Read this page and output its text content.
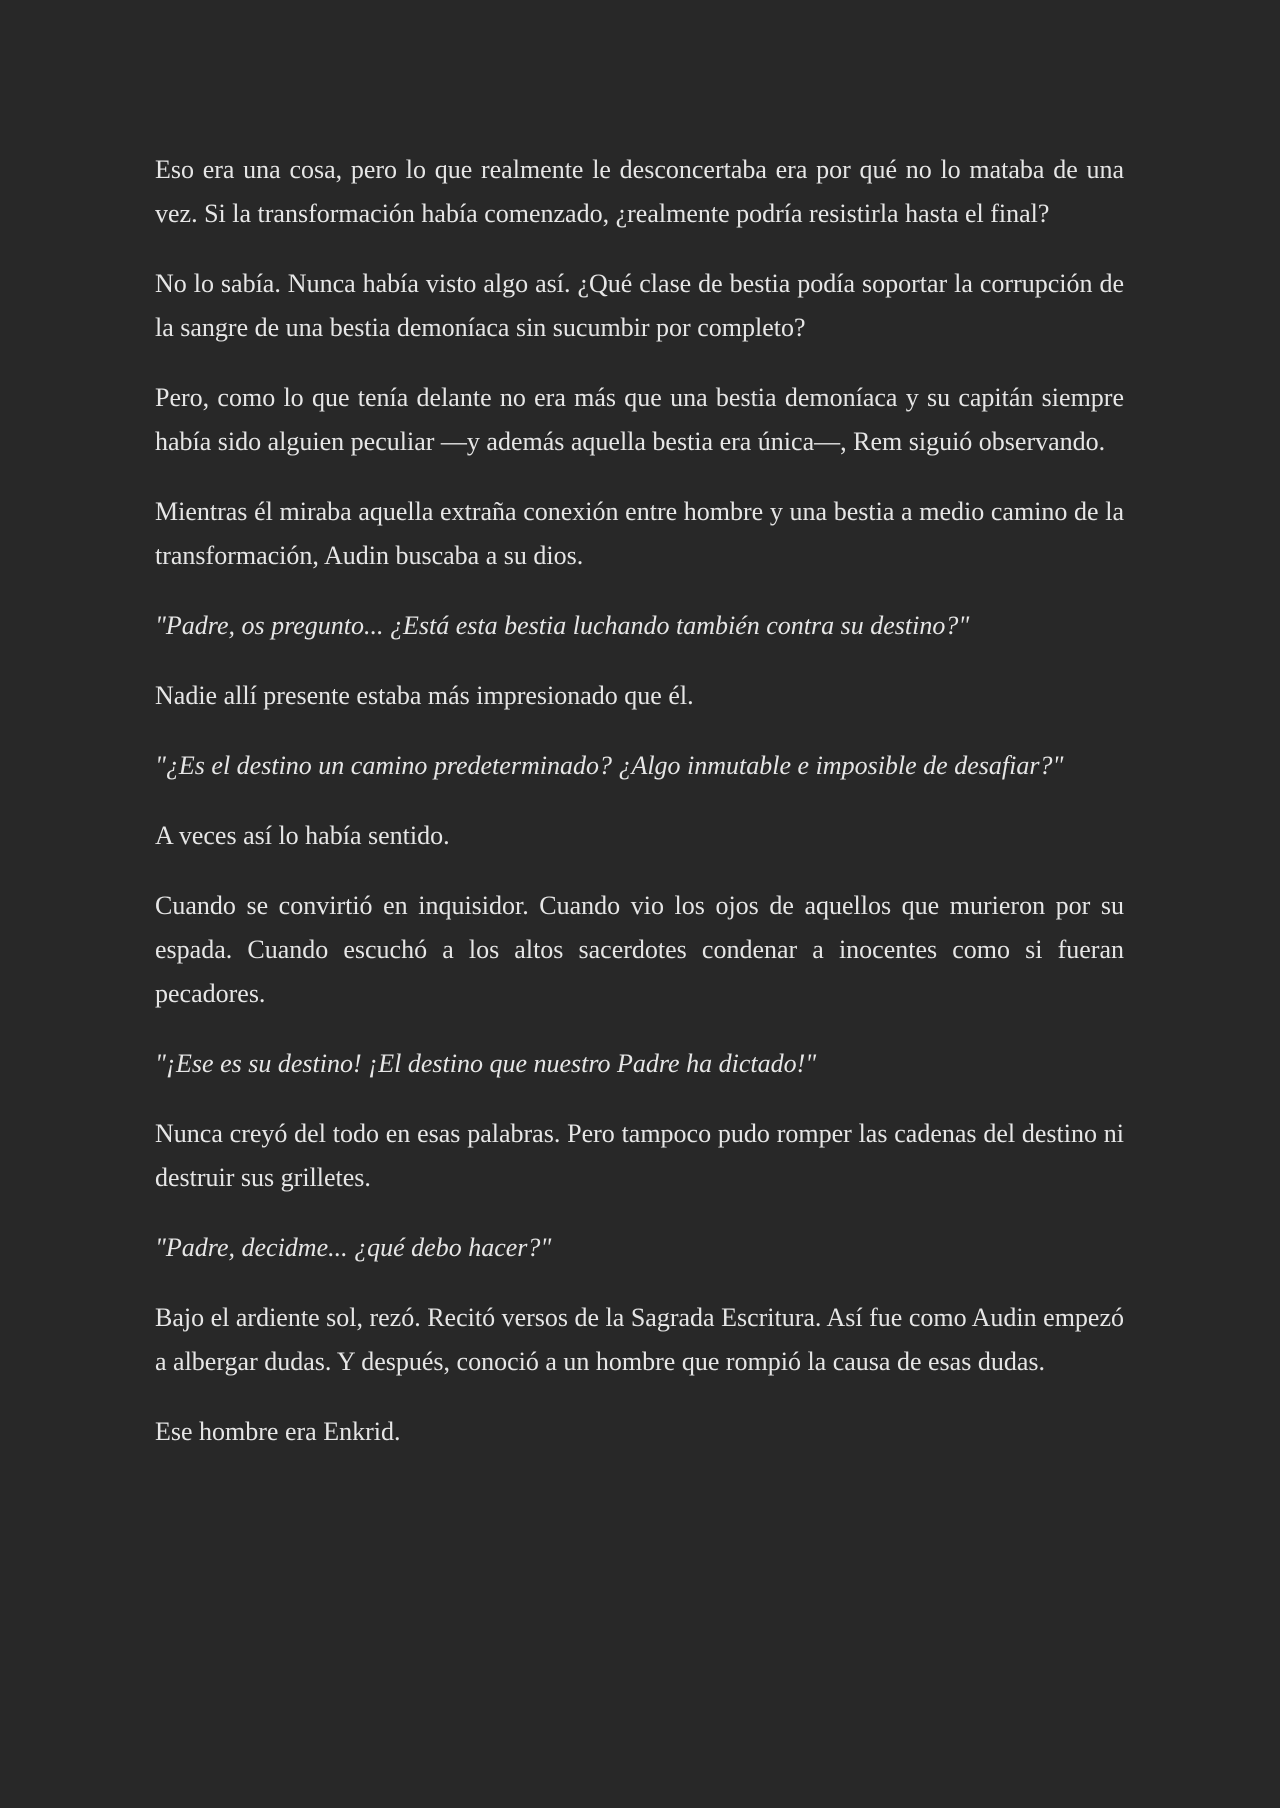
Eso era una cosa, pero lo que realmente le desconcertaba era por qué no lo mataba de una vez. Si la transformación había comenzado, ¿realmente podría resistirla hasta el final?

No lo sabía. Nunca había visto algo así. ¿Qué clase de bestia podía soportar la corrupción de la sangre de una bestia demoníaca sin sucumbir por completo?

Pero, como lo que tenía delante no era más que una bestia demoníaca y su capitán siempre había sido alguien peculiar —y además aquella bestia era única—, Rem siguió observando.

Mientras él miraba aquella extraña conexión entre hombre y una bestia a medio camino de la transformación, Audin buscaba a su dios.

"Padre, os pregunto... ¿Está esta bestia luchando también contra su destino?"

Nadie allí presente estaba más impresionado que él.

"¿Es el destino un camino predeterminado? ¿Algo inmutable e imposible de desafiar?"

A veces así lo había sentido.

Cuando se convirtió en inquisidor. Cuando vio los ojos de aquellos que murieron por su espada. Cuando escuchó a los altos sacerdotes condenar a inocentes como si fueran pecadores.

"¡Ese es su destino! ¡El destino que nuestro Padre ha dictado!"

Nunca creyó del todo en esas palabras. Pero tampoco pudo romper las cadenas del destino ni destruir sus grilletes.

"Padre, decidme... ¿qué debo hacer?"

Bajo el ardiente sol, rezó. Recitó versos de la Sagrada Escritura. Así fue como Audin empezó a albergar dudas. Y después, conoció a un hombre que rompió la causa de esas dudas.

Ese hombre era Enkrid.
